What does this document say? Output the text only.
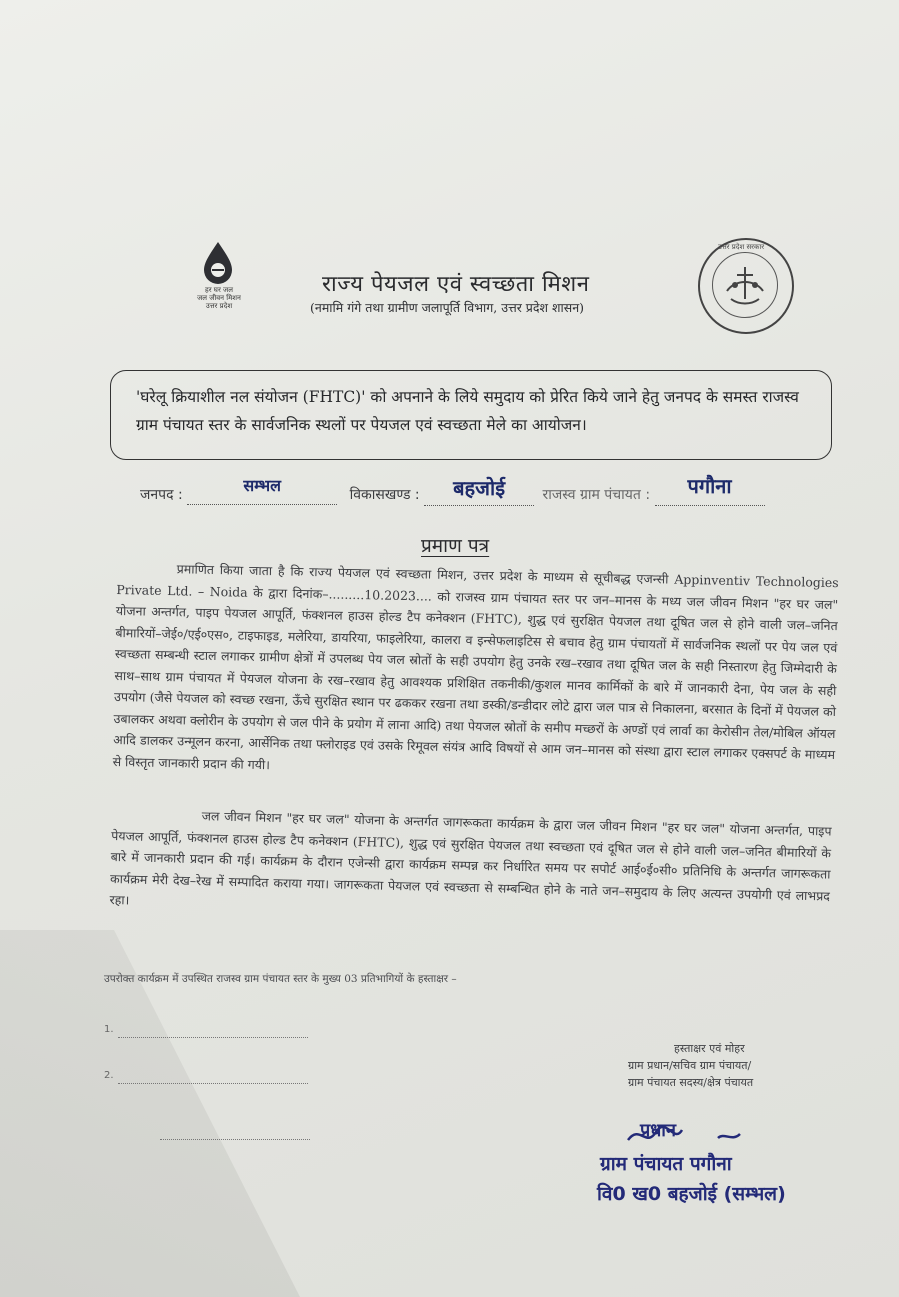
हर घर जल
जल जीवन मिशन
उत्तर प्रदेश
राज्य पेयजल एवं स्वच्छता मिशन
(नमामि गंगे तथा ग्रामीण जलापूर्ति विभाग, उत्तर प्रदेश शासन)
उत्तर प्रदेश सरकार
'घरेलू क्रियाशील नल संयोजन (FHTC)' को अपनाने के लिये समुदाय को प्रेरित किये जाने हेतु जनपद के समस्त राजस्व ग्राम पंचायत स्तर के सार्वजनिक स्थलों पर पेयजल एवं स्वच्छता मेले का आयोजन।
जनपद :	सम्भल	विकासखण्ड : बहजोई	राजस्व ग्राम पंचायत : पगौना
प्रमाण पत्र
प्रमाणित किया जाता है कि राज्य पेयजल एवं स्वच्छता मिशन, उत्तर प्रदेश के माध्यम से सूचीबद्ध एजन्सी Appinventiv Technologies Private Ltd. – Noida के द्वारा दिनांक–.........10.2023.... को राजस्व ग्राम पंचायत स्तर पर जन–मानस के मध्य जल जीवन मिशन "हर घर जल" योजना अन्तर्गत, पाइप पेयजल आपूर्ति, फंक्शनल हाउस होल्ड टैप कनेक्शन (FHTC), शुद्ध एवं सुरक्षित पेयजल तथा दूषित जल से होने वाली जल–जनित बीमारियों–जेई०/एई०एस०, टाइफाइड, मलेरिया, डायरिया, फाइलेरिया, कालरा व इन्सेफलाइटिस से बचाव हेतु ग्राम पंचायतों में सार्वजनिक स्थलों पर पेय जल एवं स्वच्छता सम्बन्धी स्टाल लगाकर ग्रामीण क्षेत्रों में उपलब्ध पेय जल स्रोतों के सही उपयोग हेतु उनके रख–रखाव तथा दूषित जल के सही निस्तारण हेतु जिम्मेदारी के साथ–साथ ग्राम पंचायत में पेयजल योजना के रख–रखाव हेतु आवश्यक प्रशिक्षित तकनीकी/कुशल मानव कार्मिकों के बारे में जानकारी देना, पेय जल के सही उपयोग (जैसे पेयजल को स्वच्छ रखना, ऊँचे सुरक्षित स्थान पर ढककर रखना तथा डस्की/डन्डीदार लोटे द्वारा जल पात्र से निकालना, बरसात के दिनों में पेयजल को उबालकर अथवा क्लोरीन के उपयोग से जल पीने के प्रयोग में लाना आदि) तथा पेयजल स्रोतों के समीप मच्छरों के अण्डों एवं लार्वा का केरोसीन तेल/मोबिल ऑयल आदि डालकर उन्मूलन करना, आर्सेनिक तथा फ्लोराइड एवं उसके रिमूवल संयंत्र आदि विषयों से आम जन–मानस को संस्था द्वारा स्टाल लगाकर एक्सपर्ट के माध्यम से विस्तृत जानकारी प्रदान की गयी।
जल जीवन मिशन "हर घर जल" योजना के अन्तर्गत जागरूकता कार्यक्रम के द्वारा जल जीवन मिशन "हर घर जल" योजना अन्तर्गत, पाइप पेयजल आपूर्ति, फंक्शनल हाउस होल्ड टैप कनेक्शन (FHTC), शुद्ध एवं सुरक्षित पेयजल तथा स्वच्छता एवं दूषित जल से होने वाली जल–जनित बीमारियों के बारे में जानकारी प्रदान की गई। कार्यक्रम के दौरान एजेन्सी द्वारा कार्यक्रम सम्पन्न कर निर्धारित समय पर सपोर्ट आई०ई०सी० प्रतिनिधि के अन्तर्गत जागरूकता कार्यक्रम मेरी देख–रेख में सम्पादित कराया गया। जागरूकता पेयजल एवं स्वच्छता से सम्बन्धित होने के नाते जन–समुदाय के लिए अत्यन्त उपयोगी एवं लाभप्रद रहा।
उपरोक्त कार्यक्रम में उपस्थित राजस्व ग्राम पंचायत स्तर के मुख्य 03 प्रतिभागियों के हस्ताक्षर –
1.
2.
हस्ताक्षर एवं मोहर
ग्राम प्रधान/सचिव ग्राम पंचायत/
ग्राम पंचायत सदस्य/क्षेत्र पंचायत
प्रधान
ग्राम पंचायत पगौना
वि0 ख0 बहजोई (सम्भल)
